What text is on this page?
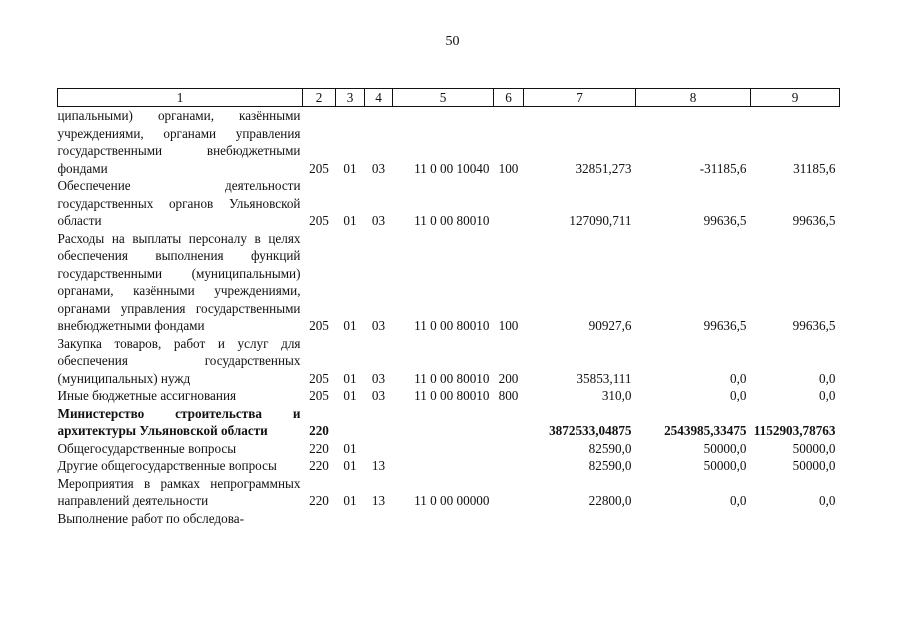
50
1	2	3	4	5	6	7	8	9
ципальными) органами, казёнными учреждениями, органами управления государственными внебюджетными фондами	205	01	03	11 0 00 10040	100	32851,273	-31185,6	31185,6
Обеспечение деятельности государственных органов Ульяновской области	205	01	03	11 0 00 80010		127090,711	99636,5	99636,5
Расходы на выплаты персоналу в целях обеспечения выполнения функций государственными (муниципальными) органами, казёнными учреждениями, органами управления государственными внебюджетными фондами	205	01	03	11 0 00 80010	100	90927,6	99636,5	99636,5
Закупка товаров, работ и услуг для обеспечения государственных (муниципальных) нужд	205	01	03	11 0 00 80010	200	35853,111	0,0	0,0
Иные бюджетные ассигнования	205	01	03	11 0 00 80010	800	310,0	0,0	0,0
Министерство строительства и архитектуры Ульяновской области	220					3872533,04875	2543985,33475	1152903,78763
Общегосударственные вопросы	220	01				82590,0	50000,0	50000,0
Другие общегосударственные вопросы	220	01	13			82590,0	50000,0	50000,0
Мероприятия в рамках непрограммных направлений деятельности	220	01	13	11 0 00 00000		22800,0	0,0	0,0
Выполнение работ по обследова-								
